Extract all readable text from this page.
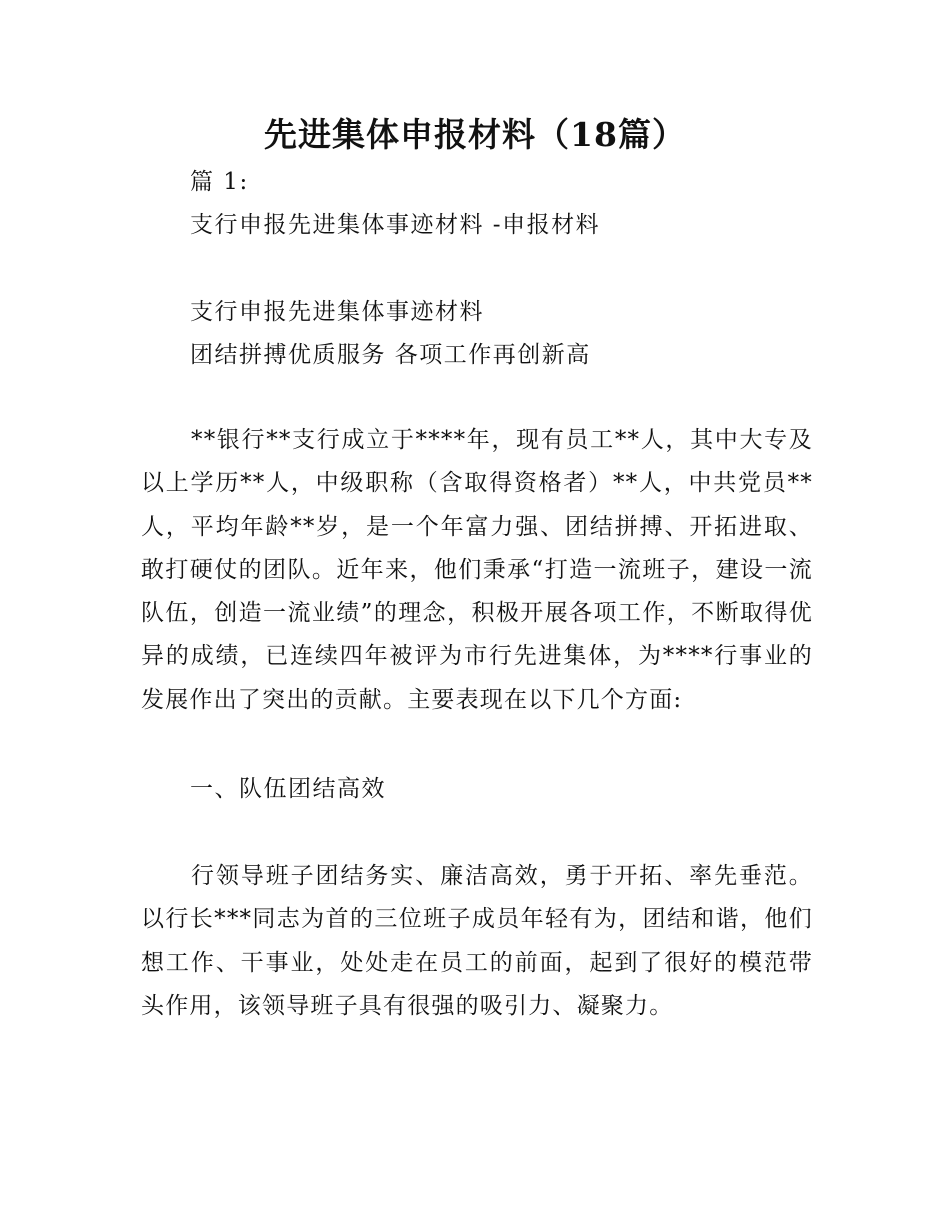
先进集体申报材料（18篇）

篇 1:

支行申报先进集体事迹材料 -申报材料

支行申报先进集体事迹材料

团结拼搏优质服务 各项工作再创新高

**银行**支行成立于****年，现有员工**人，其中大专及以上学历**人，中级职称（含取得资格者）**人，中共党员**人，平均年龄**岁，是一个年富力强、团结拼搏、开拓进取、敢打硬仗的团队。近年来，他们秉承“打造一流班子，建设一流队伍，创造一流业绩”的理念，积极开展各项工作，不断取得优异的成绩，已连续四年被评为市行先进集体，为****行事业的发展作出了突出的贡献。主要表现在以下几个方面:

一、队伍团结高效

行领导班子团结务实、廉洁高效，勇于开拓、率先垂范。以行长***同志为首的三位班子成员年轻有为，团结和谐，他们想工作、干事业，处处走在员工的前面，起到了很好的模范带头作用，该领导班子具有很强的吸引力、凝聚力。
